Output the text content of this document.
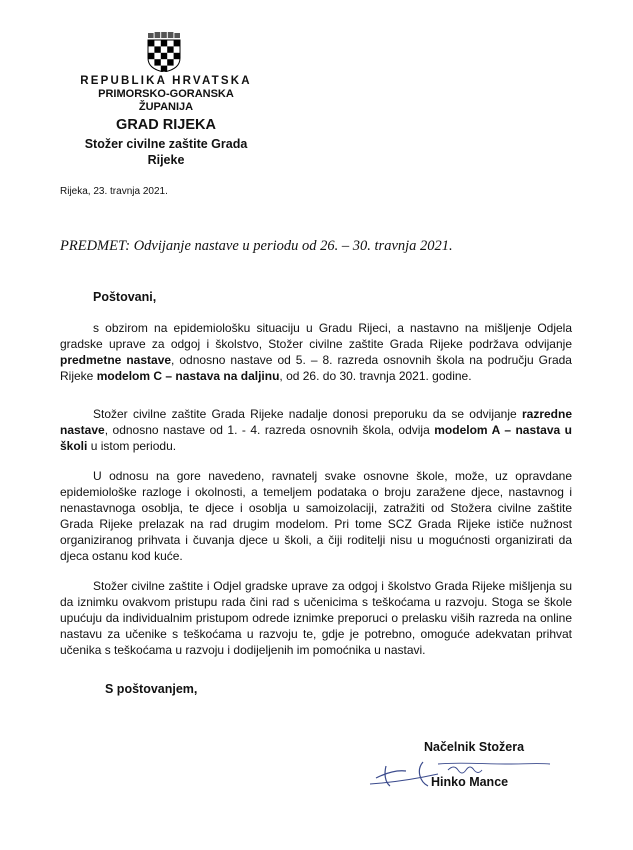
REPUBLIKA HRVATSKA
PRIMORSKO-GORANSKA
ŽUPANIJA
GRAD RIJEKA
Stožer civilne zaštite Grada Rijeke
Rijeka, 23. travnja 2021.
PREDMET: Odvijanje nastave u periodu od 26. – 30. travnja 2021.
Poštovani,

s obzirom na epidemiološku situaciju u Gradu Rijeci, a nastavno na mišljenje Odjela gradske uprave za odgoj i školstvo, Stožer civilne zaštite Grada Rijeke podržava odvijanje predmetne nastave, odnosno nastave od 5. – 8. razreda osnovnih škola na području Grada Rijeke modelom C – nastava na daljinu, od 26. do 30. travnja 2021. godine.

Stožer civilne zaštite Grada Rijeke nadalje donosi preporuku da se odvijanje razredne nastave, odnosno nastave od 1. - 4. razreda osnovnih škola, odvija modelom A – nastava u školi u istom periodu.

U odnosu na gore navedeno, ravnatelj svake osnovne škole, može, uz opravdane epidemiološke razloge i okolnosti, a temeljem podataka o broju zaražene djece, nastavnog i nenastavnoga osoblja, te djece i osoblja u samoizolaciji, zatražiti od Stožera civilne zaštite Grada Rijeke prelazak na rad drugim modelom. Pri tome SCZ Grada Rijeke ističe nužnost organiziranog prihvata i čuvanja djece u školi, a čiji roditelji nisu u mogućnosti organizirati da djeca ostanu kod kuće.

Stožer civilne zaštite i Odjel gradske uprave za odgoj i školstvo Grada Rijeke mišljenja su da iznimku ovakvom pristupu rada čini rad s učenicima s teškoćama u razvoju. Stoga se škole upućuju da individualnim pristupom odrede iznimke preporuci o prelasku viših razreda na online nastavu za učenike s teškoćama u razvoju te, gdje je potrebno, omoguće adekvatan prihvat učenika s teškoćama u razvoju i dodijeljenih im pomoćnika u nastavi.

S poštovanjem,
Načelnik Stožera
Hinko Mance
